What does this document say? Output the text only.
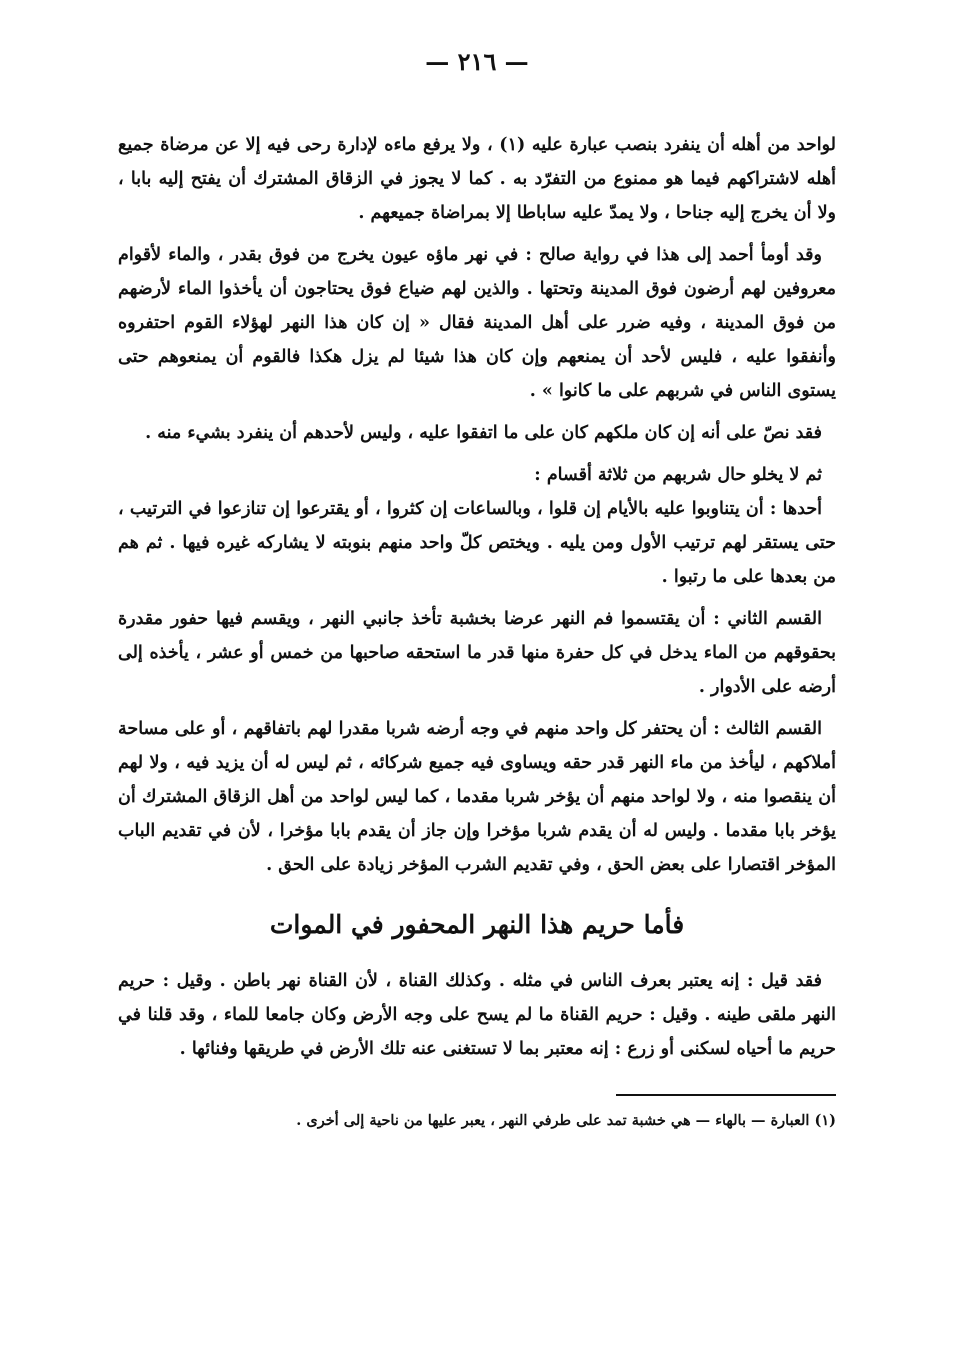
— ٢١٦ —

لواحد من أهله أن ينفرد بنصب عبارة عليه (١) ، ولا يرفع ماءه لإدارة رحى فيه إلا عن مرضاة جميع أهله لاشتراكهم فيما هو ممنوع من التفرّد به . كما لا يجوز في الزقاق المشترك أن يفتح إليه بابا ، ولا أن يخرج إليه جناحا ، ولا يمدّ عليه ساباطا إلا بمراضاة جميعهم .

وقد أومأ أحمد إلى هذا في رواية صالح : في نهر ماؤه عيون يخرج من فوق بقدر ، والماء لأقوام معروفين لهم أرضون فوق المدينة وتحتها . والذين لهم ضياع فوق يحتاجون أن يأخذوا الماء لأرضهم من فوق المدينة ، وفيه ضرر على أهل المدينة فقال « إن كان هذا النهر لهؤلاء القوم احتفروه وأنفقوا عليه ، فليس لأحد أن يمنعهم وإن كان هذا شيئا لم يزل هكذا فالقوم أن يمنعوهم حتى يستوى الناس في شربهم على ما كانوا » .

فقد نصّ على أنه إن كان ملكهم كان على ما اتفقوا عليه ، وليس لأحدهم أن ينفرد بشيء منه .

ثم لا يخلو حال شربهم من ثلاثة أقسام :

أحدها : أن يتناوبوا عليه بالأيام إن قلوا ، وبالساعات إن كثروا ، أو يقترعوا إن تنازعوا في الترتيب ، حتى يستقر لهم ترتيب الأول ومن يليه . ويختص كلّ واحد منهم بنوبته لا يشاركه غيره فيها . ثم هم من بعدها على ما رتبوا .

القسم الثاني : أن يقتسموا فم النهر عرضا بخشبة تأخذ جانبي النهر ، ويقسم فيها حفور مقدرة بحقوقهم من الماء يدخل في كل حفرة منها قدر ما استحقه صاحبها من خمس أو عشر ، يأخذه إلى أرضه على الأدوار .

القسم الثالث : أن يحتفر كل واحد منهم في وجه أرضه شربا مقدرا لهم باتفاقهم ، أو على مساحة أملاكهم ، ليأخذ من ماء النهر قدر حقه ويساوى فيه جميع شركائه ، ثم ليس له أن يزيد فيه ، ولا لهم أن ينقصوا منه ، ولا لواحد منهم أن يؤخر شربا مقدما ، كما ليس لواحد من أهل الزقاق المشترك أن يؤخر بابا مقدما . وليس له أن يقدم شربا مؤخرا وإن جاز أن يقدم بابا مؤخرا ، لأن في تقديم الباب المؤخر اقتصارا على بعض الحق ، وفي تقديم الشرب المؤخر زيادة على الحق .

فأما حريم هذا النهر المحفور في الموات

فقد قيل : إنه يعتبر بعرف الناس في مثله . وكذلك القناة ، لأن القناة نهر باطن . وقيل : حريم النهر ملقى طينه . وقيل : حريم القناة ما لم يسح على وجه الأرض وكان جامعا للماء ، وقد قلنا في حريم ما أحياه لسكنى أو زرع : إنه معتبر بما لا تستغنى عنه تلك الأرض في طريقها وفنائها .

(١) العبارة — بالهاء — هي خشبة تمد على طرفي النهر ، يعبر عليها من ناحية إلى أخرى .
